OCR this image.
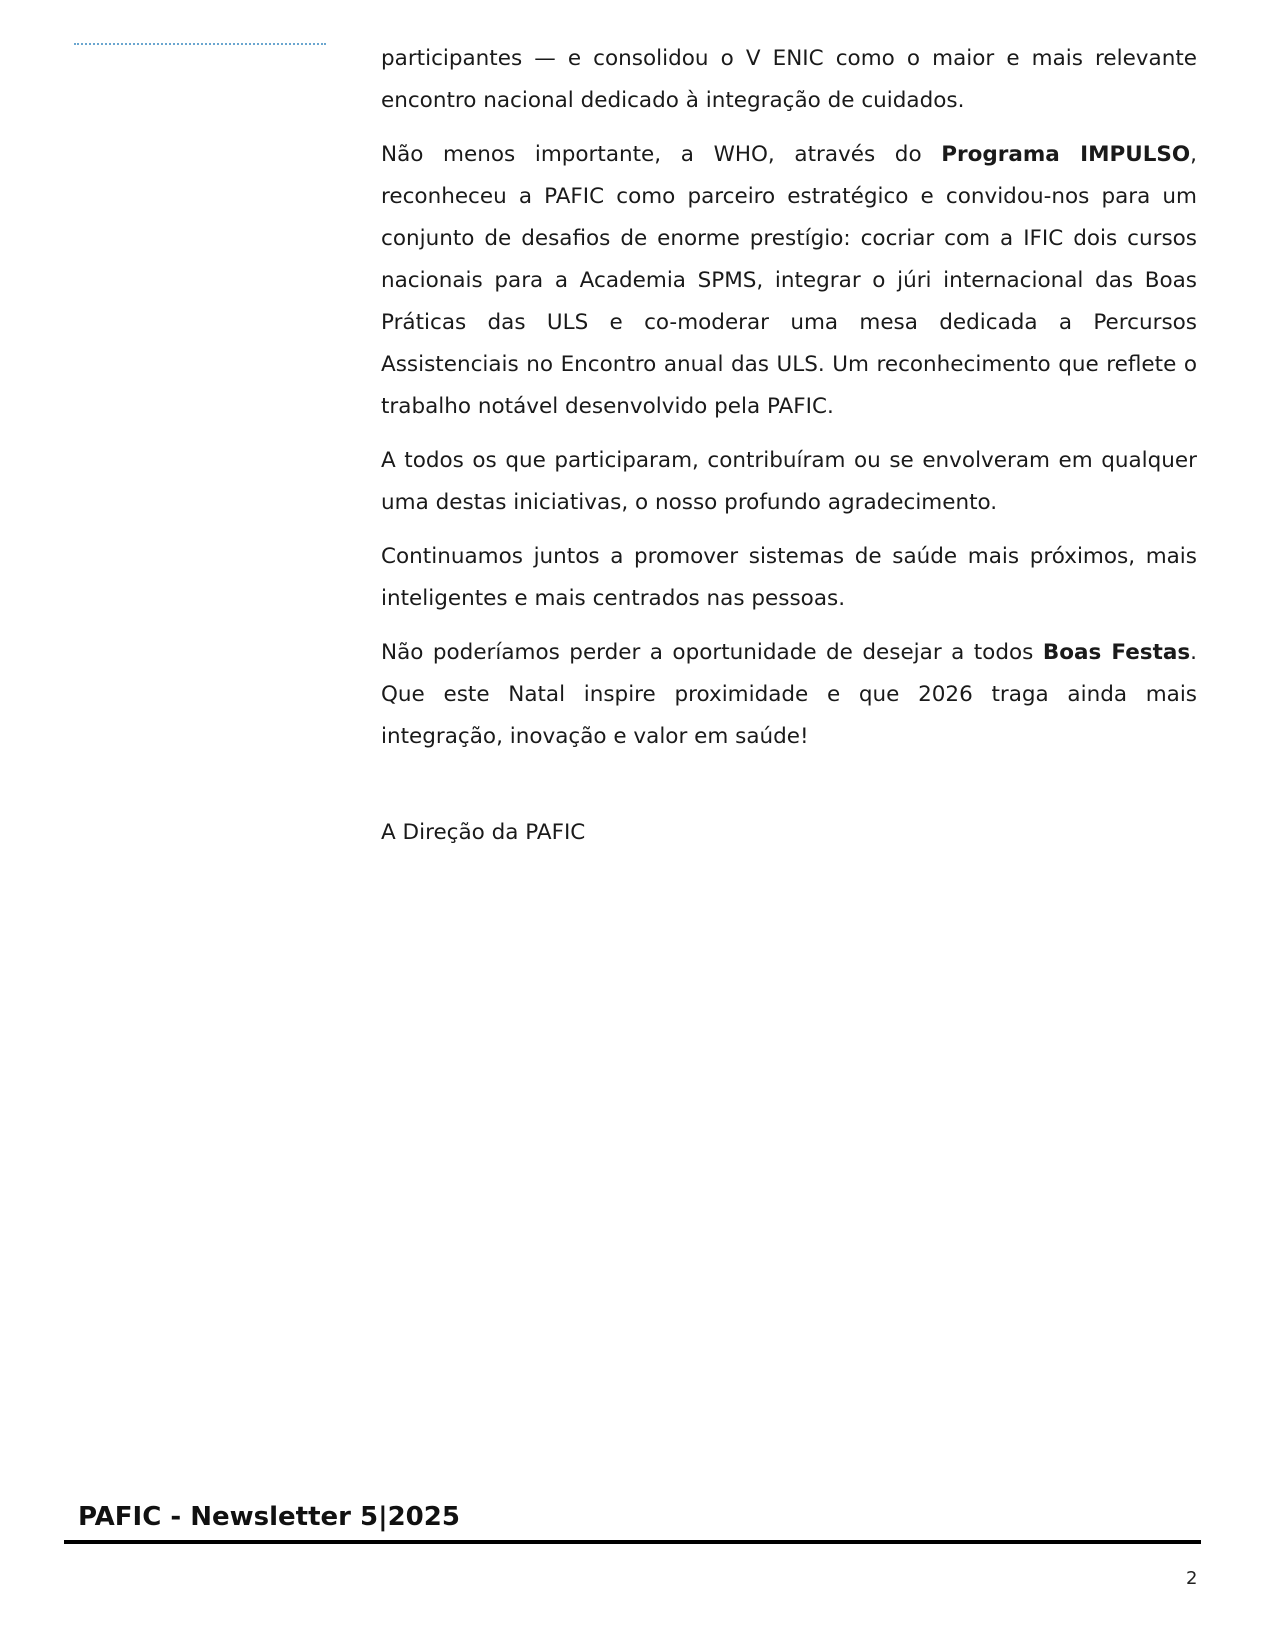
participantes — e consolidou o V ENIC como o maior e mais relevante encontro nacional dedicado à integração de cuidados.

Não menos importante, a WHO, através do Programa IMPULSO, reconheceu a PAFIC como parceiro estratégico e convidou-nos para um conjunto de desafios de enorme prestígio: cocriar com a IFIC dois cursos nacionais para a Academia SPMS, integrar o júri internacional das Boas Práticas das ULS e co-moderar uma mesa dedicada a Percursos Assistenciais no Encontro anual das ULS. Um reconhecimento que reflete o trabalho notável desenvolvido pela PAFIC.

A todos os que participaram, contribuíram ou se envolveram em qualquer uma destas iniciativas, o nosso profundo agradecimento.

Continuamos juntos a promover sistemas de saúde mais próximos, mais inteligentes e mais centrados nas pessoas.

Não poderíamos perder a oportunidade de desejar a todos Boas Festas. Que este Natal inspire proximidade e que 2026 traga ainda mais integração, inovação e valor em saúde!

A Direção da PAFIC

PAFIC - Newsletter 5|2025
2
